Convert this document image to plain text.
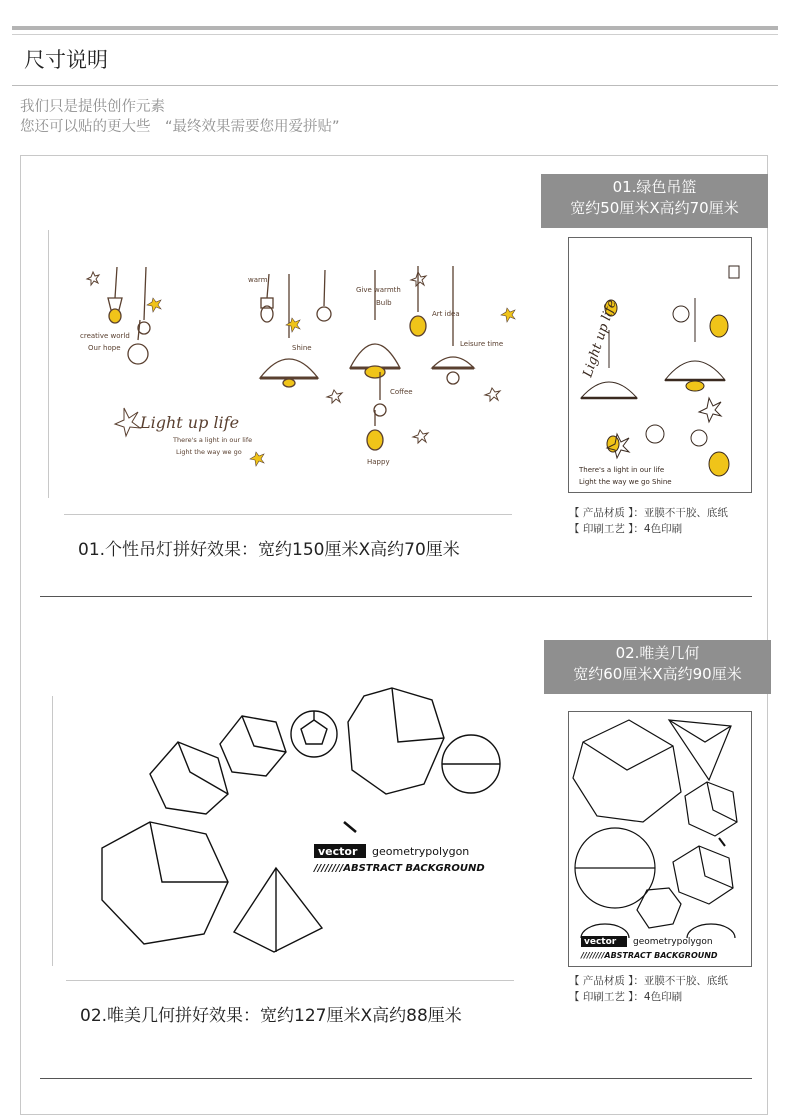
尺寸说明
我们只是提供创作元素
您还可以贴的更大些　“最终效果需要您用爱拼贴”
creative world
Our hope
warm
Shine
Give warmth
Bulb
Art idea
Leisure time
Coffee
Happy
Light up life
There's a light in our life
Light the way we go
01.个性吊灯拼好效果：宽约150厘米X高约70厘米
01.绿色吊篮
宽约50厘米X高约70厘米
There's a light in our life
Light the way we go Shine
Light up life
【 产品材质 】：亚膜不干胶、底纸
【 印刷工艺 】：4色印刷
02.唯美几何
宽约60厘米X高约90厘米
vector geometrypolygon
////////ABSTRACT BACKGROUND
02.唯美几何拼好效果：宽约127厘米X高约88厘米
vector geometrypolygon
////////ABSTRACT BACKGROUND
【 产品材质 】：亚膜不干胶、底纸
【 印刷工艺 】：4色印刷
